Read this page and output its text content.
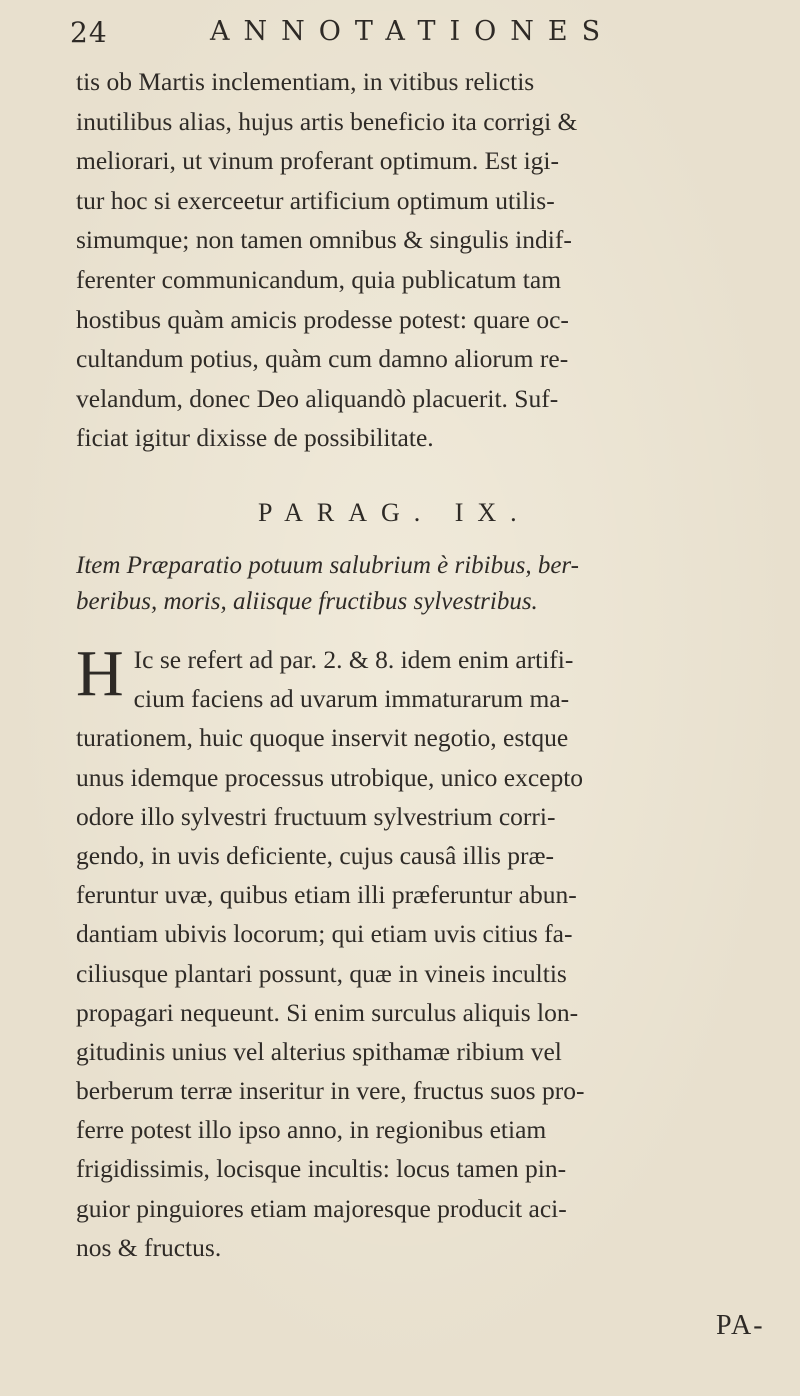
24	ANNOTATIONES
tis ob Martis inclementiam, in vitibus relictis
inutilibus alias, hujus artis beneficio ita corrigi &
meliorari, ut vinum proferant optimum. Est igi-
tur hoc si exerceetur artificium optimum utilis-
simumque; non tamen omnibus & singulis indif-
ferenter communicandum, quia publicatum tam
hostibus quàm amicis prodesse potest: quare oc-
cultandum potius, quàm cum damno aliorum re-
velandum, donec Deo aliquandò placuerit. Suf-
ficiat igitur dixisse de possibilitate.
PARAG. IX.
Item Præparatio potuum salubrium è ribibus, ber-
beribus, moris, aliisque fructibus sylvestribus.
H Ic se refert ad par. 2. & 8. idem enim artifi-
cium faciens ad uvarum immaturarum ma-
turationem, huic quoque inservit negotio, estque
unus idemque processus utrobique, unico excepto
odore illo sylvestri fructuum sylvestrium corri-
gendo, in uvis deficiente, cujus causâ illis præ-
feruntur uvæ, quibus etiam illi præferuntur abun-
dantiam ubivis locorum; qui etiam uvis citius fa-
ciliusque plantari possunt, quæ in vineis incultis
propagari nequeunt. Si enim surculus aliquis lon-
gitudinis unius vel alterius spithamæ ribium vel
berberum terræ inseritur in vere, fructus suos pro-
ferre potest illo ipso anno, in regionibus etiam
frigidissimis, locisque incultis: locus tamen pin-
guior pinguiores etiam majoresque producit aci-
nos & fructus.
PA-
